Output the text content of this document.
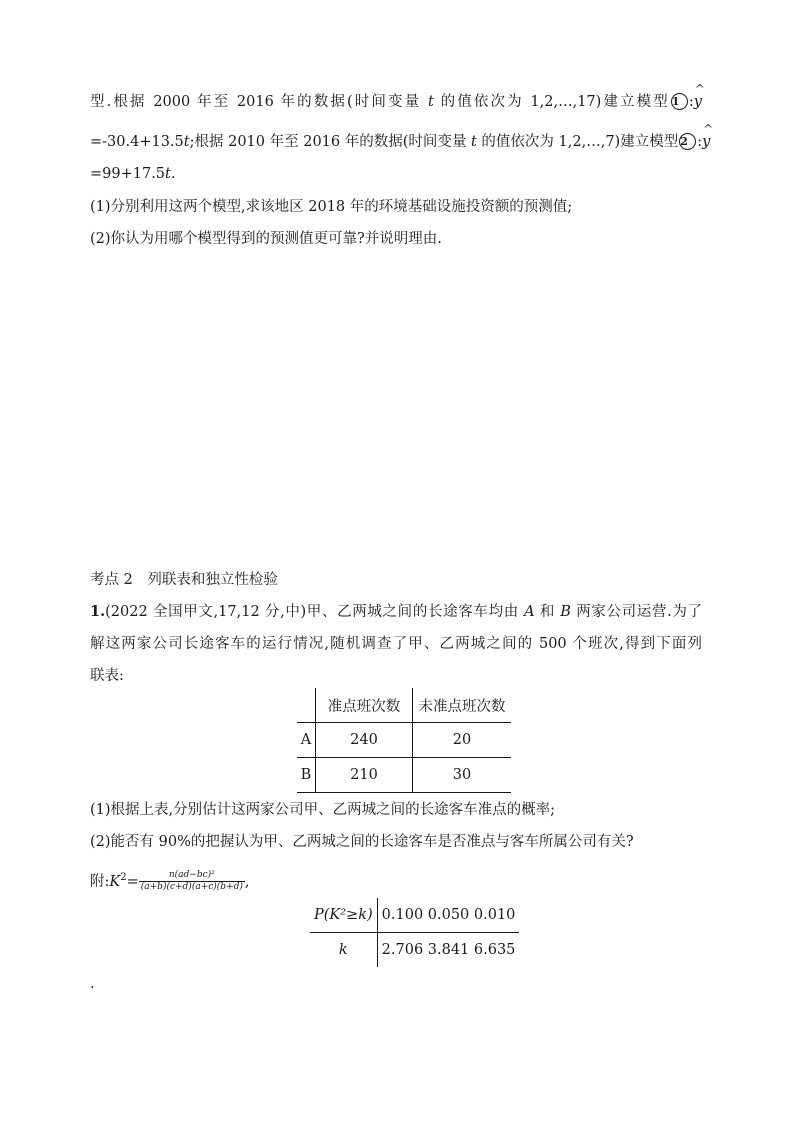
型.根据 2000 年至 2016 年的数据(时间变量 t 的值依次为 1,2,…,17)建立模型 1 :
^
y
=-30.4+13.5t;根据 2010 年至 2016 年的数据(时间变量 t 的值依次为 1,2,…,7)建立模型 2 :
^
y
=99+17.5t.
(1)分别利用这两个模型,求该地区 2018 年的环境基础设施投资额的预测值;
(2)你认为用哪个模型得到的预测值更可靠?并说明理由.
考点 2　列联表和独立性检验
1.(2022 全国甲文,17,12 分,中)甲、乙两城之间的长途客车均由 A 和 B 两家公司运营.为了
解这两家公司长途客车的运行情况,随机调查了甲、乙两城之间的 500 个班次,得到下面列
联表:
	准点班次数	未准点班次数
A	240	20
B	210	30
(1)根据上表,分别估计这两家公司甲、乙两城之间的长途客车准点的概率;
(2)能否有 90%的把握认为甲、乙两城之间的长途客车是否准点与客车所属公司有关?
附$:K^2= \frac{\text{n(ad−bc)²}}{(a+b)(c+d)(a+c)(b+d)}$ ,
P(K²≥k)	0.100 0.050 0.010
k	2.706 3.841 6.635
.
